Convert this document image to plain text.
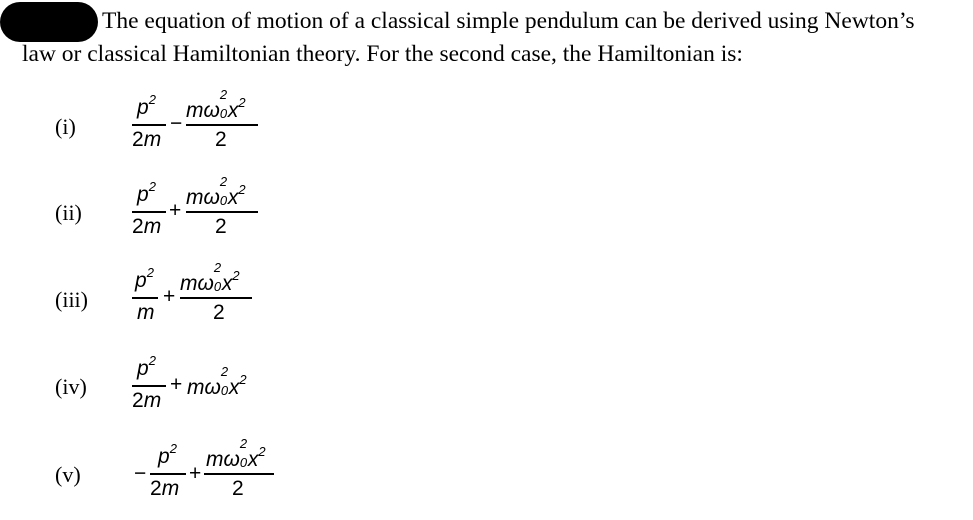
The equation of motion of a classical simple pendulum can be derived using Newton’s
law or classical Hamiltonian theory. For the second case, the Hamiltonian is:
(i)
$p^2$
2m
−
mω
2
0 $x^2$
2
(ii)
$p^2$
2m
+
mω
2
0 $x^2$
2
(iii)
$p^2$
m
+
mω
2
0 $x^2$
2
(iv)
$p^2$
2m
+ mω
2
0 $x^2$
(v)	−
$p^2$
2m
+
mω
2
0 $x^2$
2
